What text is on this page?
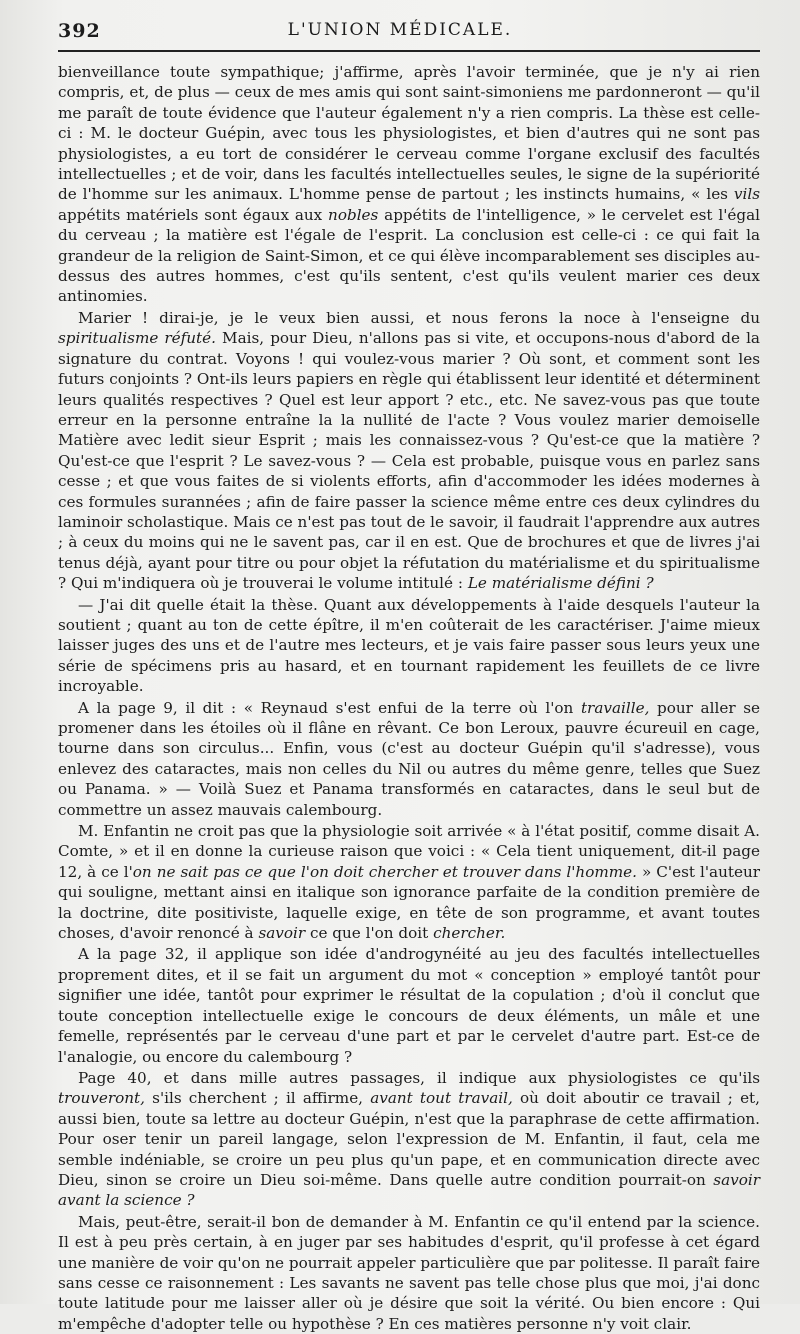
392	L'UNION MÉDICALE.

bienveillance toute sympathique; j'affirme, après l'avoir terminée, que je n'y ai rien compris, et, de plus — ceux de mes amis qui sont saint-simoniens me pardonneront — qu'il me paraît de toute évidence que l'auteur également n'y a rien compris. La thèse est celle-ci : M. le docteur Guépin, avec tous les physiologistes, et bien d'autres qui ne sont pas physiologistes, a eu tort de considérer le cerveau comme l'organe exclusif des facultés intellectuelles ; et de voir, dans les facultés intellectuelles seules, le signe de la supériorité de l'homme sur les animaux. L'homme pense de partout ; les instincts humains, « les vils appétits matériels sont égaux aux nobles appétits de l'intelligence, » le cervelet est l'égal du cerveau ; la matière est l'égale de l'esprit. La conclusion est celle-ci : ce qui fait la grandeur de la religion de Saint-Simon, et ce qui élève incomparablement ses disciples au-dessus des autres hommes, c'est qu'ils sentent, c'est qu'ils veulent marier ces deux antinomies.

Marier ! dirai-je, je le veux bien aussi, et nous ferons la noce à l'enseigne du spiritualisme réfuté. Mais, pour Dieu, n'allons pas si vite, et occupons-nous d'abord de la signature du contrat. Voyons ! qui voulez-vous marier ? Où sont, et comment sont les futurs conjoints ? Ont-ils leurs papiers en règle qui établissent leur identité et déterminent leurs qualités respectives ? Quel est leur apport ? etc., etc. Ne savez-vous pas que toute erreur en la personne entraîne la la nullité de l'acte ? Vous voulez marier demoiselle Matière avec ledit sieur Esprit ; mais les connaissez-vous ? Qu'est-ce que la matière ? Qu'est-ce que l'esprit ? Le savez-vous ? — Cela est probable, puisque vous en parlez sans cesse ; et que vous faites de si violents efforts, afin d'accommoder les idées modernes à ces formules surannées ; afin de faire passer la science même entre ces deux cylindres du laminoir scholastique. Mais ce n'est pas tout de le savoir, il faudrait l'apprendre aux autres ; à ceux du moins qui ne le savent pas, car il en est. Que de brochures et que de livres j'ai tenus déjà, ayant pour titre ou pour objet la réfutation du matérialisme et du spiritualisme ? Qui m'indiquera où je trouverai le volume intitulé : Le matérialisme défini ?

— J'ai dit quelle était la thèse. Quant aux développements à l'aide desquels l'auteur la soutient ; quant au ton de cette épître, il m'en coûterait de les caractériser. J'aime mieux laisser juges des uns et de l'autre mes lecteurs, et je vais faire passer sous leurs yeux une série de spécimens pris au hasard, et en tournant rapidement les feuillets de ce livre incroyable.

A la page 9, il dit : « Reynaud s'est enfui de la terre où l'on travaille, pour aller se promener dans les étoiles où il flâne en rêvant. Ce bon Leroux, pauvre écureuil en cage, tourne dans son circulus... Enfin, vous (c'est au docteur Guépin qu'il s'adresse), vous enlevez des cataractes, mais non celles du Nil ou autres du même genre, telles que Suez ou Panama. » — Voilà Suez et Panama transformés en cataractes, dans le seul but de commettre un assez mauvais calembourg.

M. Enfantin ne croit pas que la physiologie soit arrivée « à l'état positif, comme disait A. Comte, » et il en donne la curieuse raison que voici : « Cela tient uniquement, dit-il page 12, à ce l'on ne sait pas ce que l'on doit chercher et trouver dans l'homme. » C'est l'auteur qui souligne, mettant ainsi en italique son ignorance parfaite de la condition première de la doctrine, dite positiviste, laquelle exige, en tête de son programme, et avant toutes choses, d'avoir renoncé à savoir ce que l'on doit chercher.

A la page 32, il applique son idée d'androgynéité au jeu des facultés intellectuelles proprement dites, et il se fait un argument du mot « conception » employé tantôt pour signifier une idée, tantôt pour exprimer le résultat de la copulation ; d'où il conclut que toute conception intellectuelle exige le concours de deux éléments, un mâle et une femelle, représentés par le cerveau d'une part et par le cervelet d'autre part. Est-ce de l'analogie, ou encore du calembourg ?

Page 40, et dans mille autres passages, il indique aux physiologistes ce qu'ils trouveront, s'ils cherchent ; il affirme, avant tout travail, où doit aboutir ce travail ; et, aussi bien, toute sa lettre au docteur Guépin, n'est que la paraphrase de cette affirmation. Pour oser tenir un pareil langage, selon l'expression de M. Enfantin, il faut, cela me semble indéniable, se croire un peu plus qu'un pape, et en communication directe avec Dieu, sinon se croire un Dieu soi-même. Dans quelle autre condition pourrait-on savoir avant la science ?

Mais, peut-être, serait-il bon de demander à M. Enfantin ce qu'il entend par la science. Il est à peu près certain, à en juger par ses habitudes d'esprit, qu'il professe à cet égard une manière de voir qu'on ne pourrait appeler particulière que par politesse. Il paraît faire sans cesse ce raisonnement : Les savants ne savent pas telle chose plus que moi, j'ai donc toute latitude pour me laisser aller où je désire que soit la vérité. Ou bien encore : Qui m'empêche d'adopter telle ou hypothèse ? En ces matières personne n'y voit clair.
